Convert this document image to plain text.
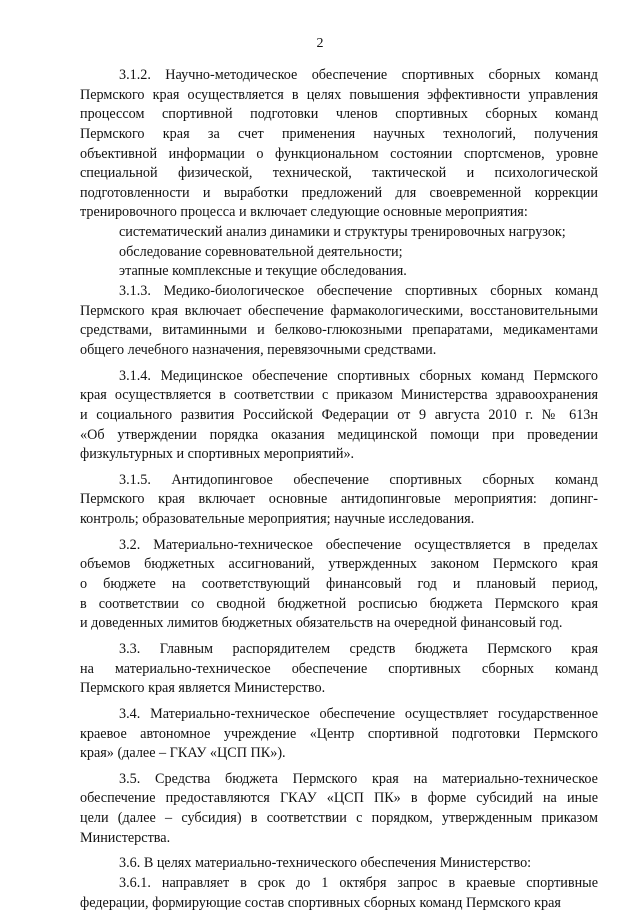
2
3.1.2. Научно-методическое обеспечение спортивных сборных команд
Пермского края осуществляется в целях повышения эффективности управления
процессом спортивной подготовки членов спортивных сборных команд
Пермского края за счет применения научных технологий, получения
объективной информации о функциональном состоянии спортсменов, уровне
специальной физической, технической, тактической и психологической
подготовленности и выработки предложений для своевременной коррекции
тренировочного процесса и включает следующие основные мероприятия:
систематический анализ динамики и структуры тренировочных нагрузок;
обследование соревновательной деятельности;
этапные комплексные и текущие обследования.
3.1.3. Медико-биологическое обеспечение спортивных сборных команд
Пермского края включает обеспечение фармакологическими, восстановительными
средствами, витаминными и белково-глюкозными препаратами, медикаментами
общего лечебного назначения, перевязочными средствами.
3.1.4. Медицинское обеспечение спортивных сборных команд Пермского
края осуществляется в соответствии с приказом Министерства здравоохранения
и социального развития Российской Федерации от 9 августа 2010 г. № 613н
«Об утверждении порядка оказания медицинской помощи при проведении
физкультурных и спортивных мероприятий».
3.1.5. Антидопинговое обеспечение спортивных сборных команд
Пермского края включает основные антидопинговые мероприятия: допинг-
контроль; образовательные мероприятия; научные исследования.
3.2. Материально-техническое обеспечение осуществляется в пределах
объемов бюджетных ассигнований, утвержденных законом Пермского края
о бюджете на соответствующий финансовый год и плановый период,
в соответствии со сводной бюджетной росписью бюджета Пермского края
и доведенных лимитов бюджетных обязательств на очередной финансовый год.
3.3. Главным распорядителем средств бюджета Пермского края
на материально-техническое обеспечение спортивных сборных команд
Пермского края является Министерство.
3.4. Материально-техническое обеспечение осуществляет государственное
краевое автономное учреждение «Центр спортивной подготовки Пермского
края» (далее – ГКАУ «ЦСП ПК»).
3.5. Средства бюджета Пермского края на материально-техническое
обеспечение предоставляются ГКАУ «ЦСП ПК» в форме субсидий на иные
цели (далее – субсидия) в соответствии с порядком, утвержденным приказом
Министерства.
3.6. В целях материально-технического обеспечения Министерство:
3.6.1. направляет в срок до 1 октября запрос в краевые спортивные
федерации, формирующие состав спортивных сборных команд Пермского края
